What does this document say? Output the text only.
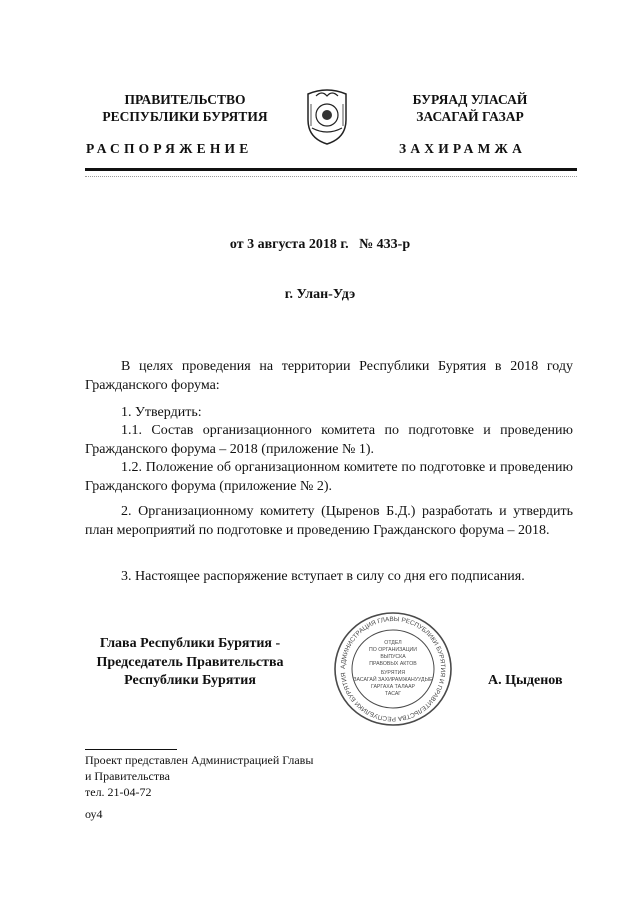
ПРАВИТЕЛЬСТВО
РЕСПУБЛИКИ БУРЯТИЯ
БУРЯАД УЛАСАЙ
ЗАСАГАЙ ГАЗАР
РАСПОРЯЖЕНИЕ	ЗАХИРАМЖА
от 3 августа 2018 г.   № 433-р
г. Улан-Удэ
В целях проведения на территории Республики Бурятия в 2018 году Гражданского форума:
1. Утвердить:
1.1. Состав организационного комитета по подготовке и проведению Гражданского форума – 2018 (приложение № 1).
1.2. Положение об организационном комитете по подготовке и проведению Гражданского форума (приложение № 2).
2. Организационному комитету (Цыренов Б.Д.) разработать и утвердить план мероприятий по подготовке и проведению Гражданского форума – 2018.
3. Настоящее распоряжение вступает в силу со дня его подписания.
Глава Республики Бурятия -
Председатель Правительства
Республики Бурятия	А. Цыденов
АДМИНИСТРАЦИЯ ГЛАВЫ РЕСПУБЛИКИ БУРЯТИЯ И ПРАВИТЕЛЬСТВА РЕСПУБЛИКИ БУРЯТИЯ
ОТДЕЛ
ПО ОРГАНИЗАЦИИ
ВЫПУСКА
ПРАВОВЫХ АКТОВ
БУРЯТИЯ
ЗАСАГАЙ ЗАХИРАМЖАНУУДЫЕ
ГАРГАХА ТАЛААР
ТАСАГ
Проект представлен Администрацией Главы
и Правительства
тел. 21-04-72
оу4
